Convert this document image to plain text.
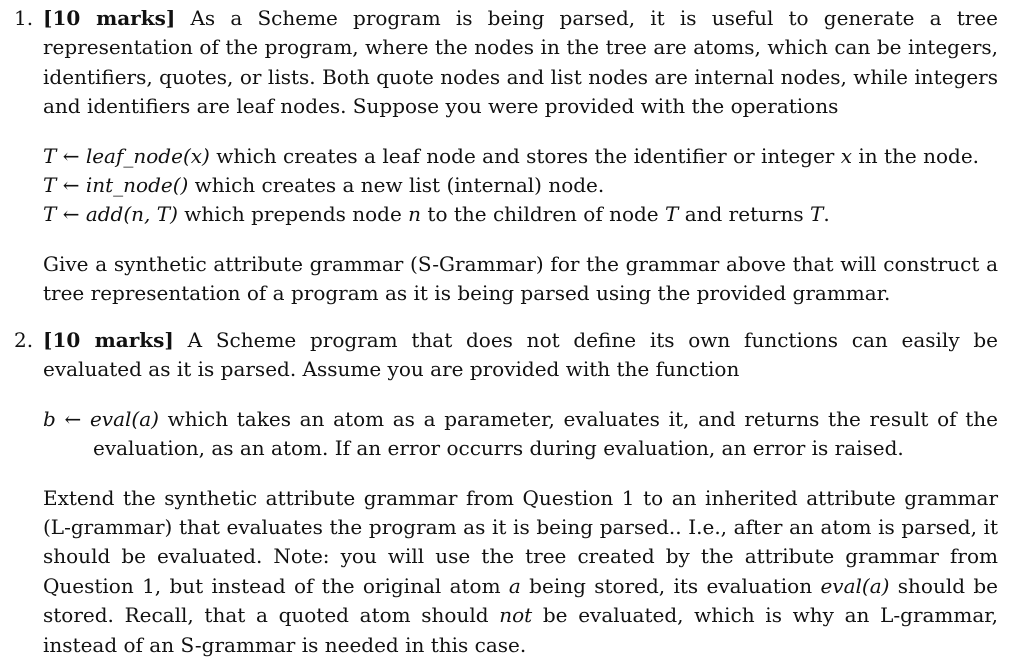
1. [10 marks] As a Scheme program is being parsed, it is useful to generate a tree representation of the program, where the nodes in the tree are atoms, which can be integers, identifiers, quotes, or lists. Both quote nodes and list nodes are internal nodes, while integers and identifiers are leaf nodes. Suppose you were provided with the operations

T ← leaf_node(x) which creates a leaf node and stores the identifier or integer x in the node.

T ← int_node() which creates a new list (internal) node.

T ← add(n, T) which prepends node n to the children of node T and returns T.

Give a synthetic attribute grammar (S-Grammar) for the grammar above that will construct a tree representation of a program as it is being parsed using the provided grammar.

2. [10 marks] A Scheme program that does not define its own functions can easily be evaluated as it is parsed. Assume you are provided with the function

b ← eval(a) which takes an atom as a parameter, evaluates it, and returns the result of the evaluation, as an atom. If an error occurrs during evaluation, an error is raised.

Extend the synthetic attribute grammar from Question 1 to an inherited attribute grammar (L-grammar) that evaluates the program as it is being parsed.. I.e., after an atom is parsed, it should be evaluated. Note: you will use the tree created by the attribute grammar from Question 1, but instead of the original atom a being stored, its evaluation eval(a) should be stored. Recall, that a quoted atom should not be evaluated, which is why an L-grammar, instead of an S-grammar is needed in this case.
